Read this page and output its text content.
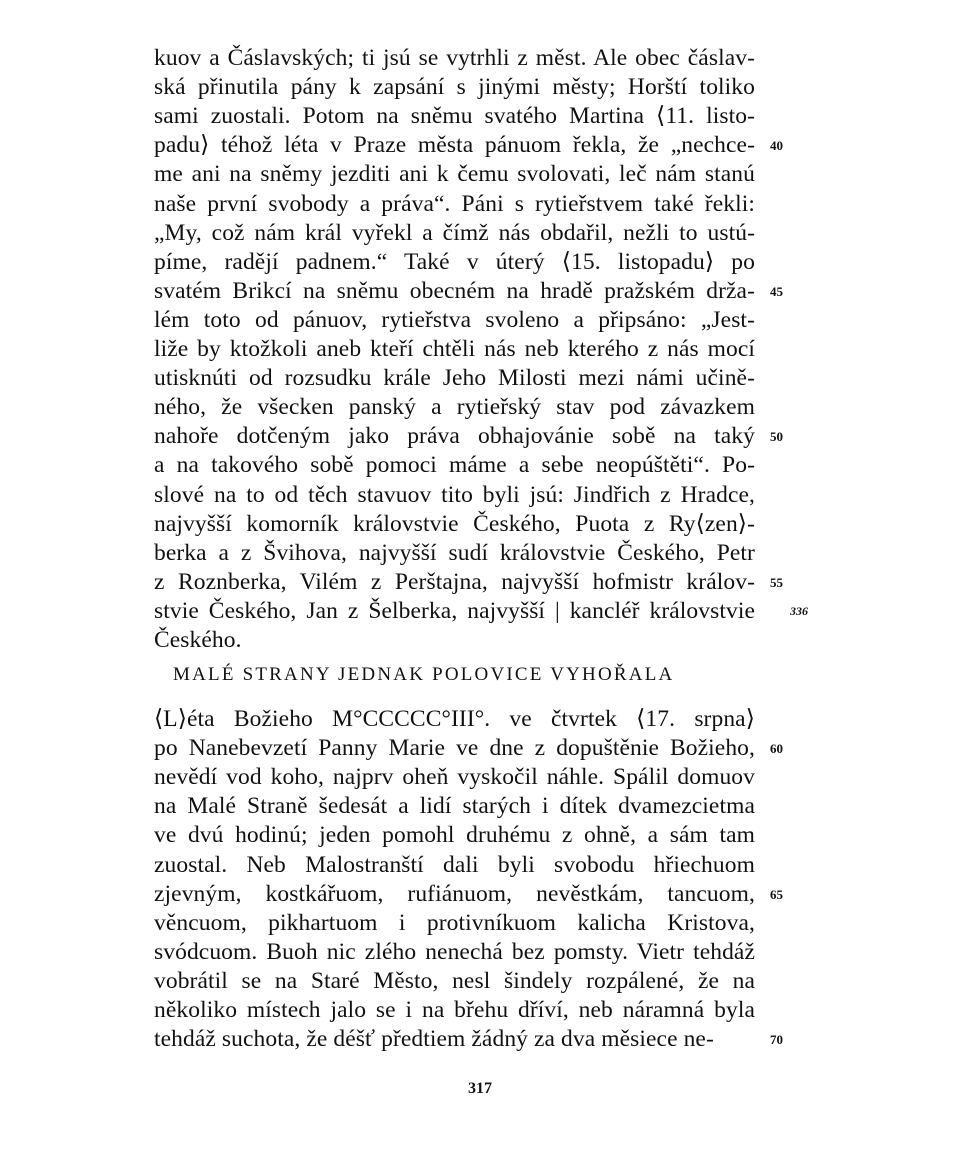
kuov a Čáslavských; ti jsú se vytrhli z měst. Ale obec čáslav-
ská přinutila pány k zapsání s jinými městy; Horští toliko
sami zuostali. Potom na sněmu svatého Martina ⟨11. listo-
padu⟩ téhož léta v Praze města pánuom řekla, že „nechce- 40
me ani na sněmy jezditi ani k čemu svolovati, leč nám stanú
naše první svobody a práva“. Páni s rytieřstvem také řekli:
„My, což nám král vyřekl a čímž nás obdařil, nežli to ustú-
píme, radějí padnem.“ Také v úterý ⟨15. listopadu⟩ po
svatém Brikcí na sněmu obecném na hradě pražském drža- 45
lém toto od pánuov, rytieřstva svoleno a připsáno: „Jest-
liže by ktožkoli aneb kteří chtěli nás neb kterého z nás mocí
utisknúti od rozsudku krále Jeho Milosti mezi námi učině-
ného, že všecken panský a rytieřský stav pod závazkem
nahoře dotčeným jako práva obhajovánie sobě na taký 50
a na takového sobě pomoci máme a sebe neopúštěti“. Po-
slové na to od těch stavuov tito byli jsú: Jindřich z Hradce,
najvyšší komorník královstvie Českého, Puota z Ry⟨zen⟩-
berka a z Švihova, najvyšší sudí královstvie Českého, Petr
z Roznberka, Vilém z Perštajna, najvyšší hofmistr králov- 55
stvie Českého, Jan z Šelberka, najvyšší | kancléř královstvie	336
Českého.
MALÉ STRANY JEDNAK POLOVICE VYHOŘALA
⟨L⟩éta Božieho M°CCCCC°III°. ve čtvrtek ⟨17. srpna⟩
po Nanebevzetí Panny Marie ve dne z dopuštěnie Božieho, 60
nevědí vod koho, najprv oheň vyskočil náhle. Spálil domuov
na Malé Straně šedesát a lidí starých i dítek dvamezcietma
ve dvú hodinú; jeden pomohl druhému z ohně, a sám tam
zuostal. Neb Malostranští dali byli svobodu hřiechuom
zjevným, kostkářuom, rufiánuom, nevěstkám, tancuom, 65
věncuom, pikhartuom i protivníkuom kalicha Kristova,
svódcuom. Buoh nic zlého nenechá bez pomsty. Vietr tehdáž
vobrátil se na Staré Město, nesl šindely rozpálené, že na
několiko místech jalo se i na břehu dříví, neb náramná byla
tehdáž suchota, že déšť předtiem žádný za dva měsiece ne-	70
317
